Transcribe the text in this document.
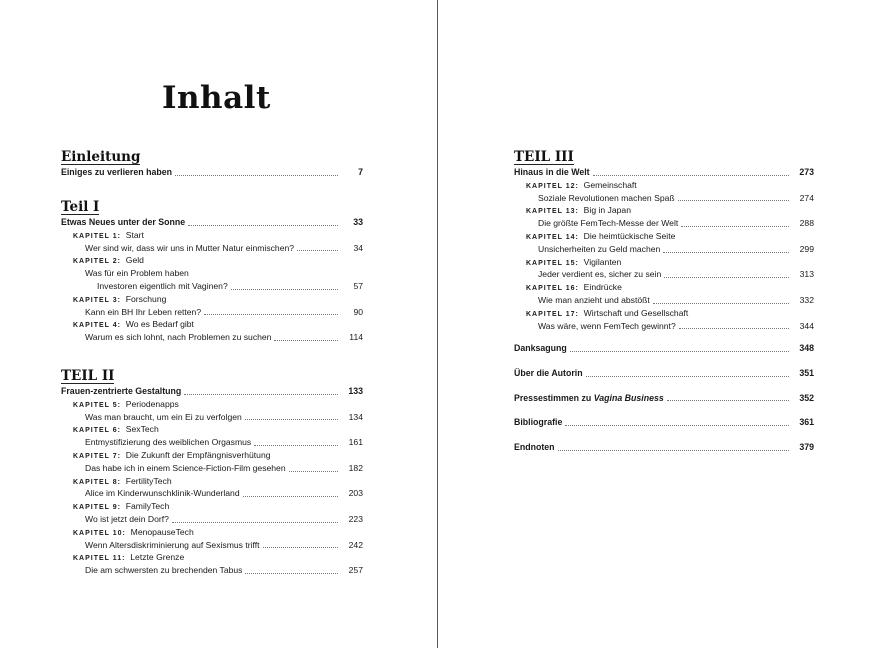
Inhalt
Einleitung
Einiges zu verlieren haben	7
Teil I
Etwas Neues unter der Sonne	33
KAPITEL 1: Start
Wer sind wir, dass wir uns in Mutter Natur einmischen?	34
KAPITEL 2: Geld
Was für ein Problem haben
Investoren eigentlich mit Vaginen?	57
KAPITEL 3: Forschung
Kann ein BH Ihr Leben retten?	90
KAPITEL 4: Wo es Bedarf gibt
Warum es sich lohnt, nach Problemen zu suchen	114
TEIL II
Frauen-zentrierte Gestaltung	133
KAPITEL 5: Periodenapps
Was man braucht, um ein Ei zu verfolgen	134
KAPITEL 6: SexTech
Entmystifizierung des weiblichen Orgasmus	161
KAPITEL 7: Die Zukunft der Empfängnisverhütung
Das habe ich in einem Science-Fiction-Film gesehen	182
KAPITEL 8: FertilityTech
Alice im Kinderwunschklinik-Wunderland	203
KAPITEL 9: FamilyTech
Wo ist jetzt dein Dorf?	223
KAPITEL 10: MenopauseTech
Wenn Altersdiskriminierung auf Sexismus trifft	242
KAPITEL 11: Letzte Grenze
Die am schwersten zu brechenden Tabus	257
TEIL III
Hinaus in die Welt	273
KAPITEL 12: Gemeinschaft
Soziale Revolutionen machen Spaß	274
KAPITEL 13: Big in Japan
Die größte FemTech-Messe der Welt	288
KAPITEL 14: Die heimtückische Seite
Unsicherheiten zu Geld machen	299
KAPITEL 15: Vigilanten
Jeder verdient es, sicher zu sein	313
KAPITEL 16: Eindrücke
Wie man anzieht und abstößt	332
KAPITEL 17: Wirtschaft und Gesellschaft
Was wäre, wenn FemTech gewinnt?	344
Danksagung	348
Über die Autorin	351
Pressestimmen zu Vagina Business	352
Bibliografie	361
Endnoten	379
